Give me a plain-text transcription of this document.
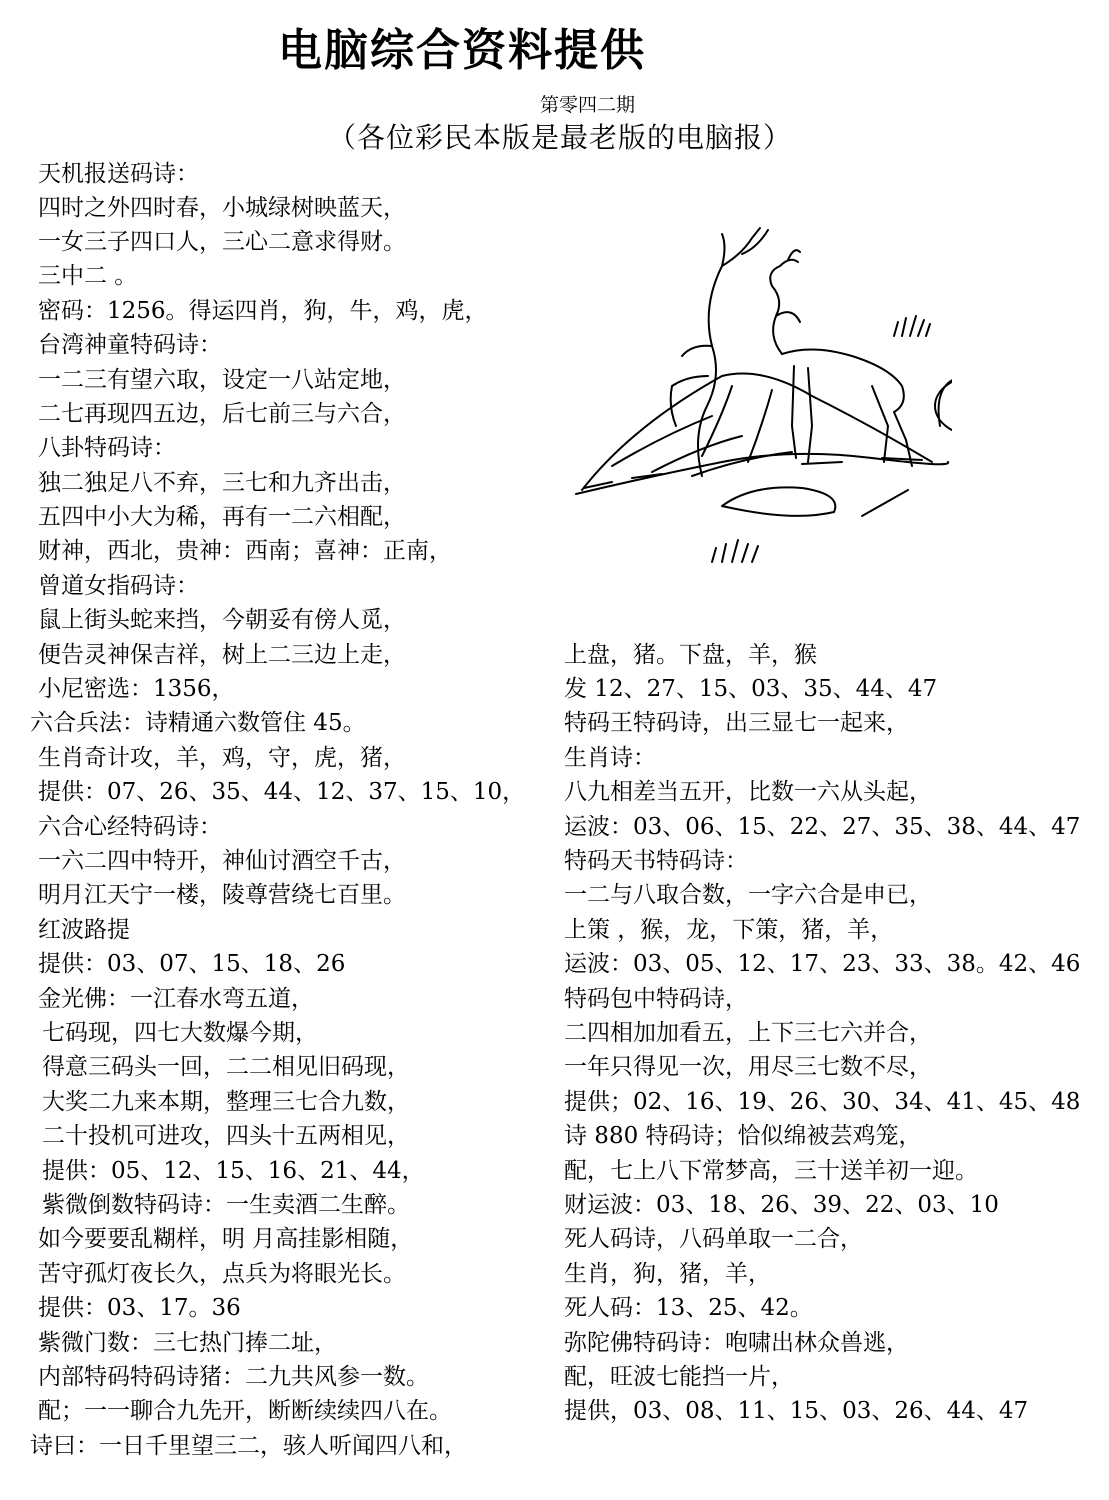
电脑综合资料提供
第零四二期
（各位彩民本版是最老版的电脑报）
天机报送码诗：
四时之外四时春，小城绿树映蓝天，
一女三子四口人，三心二意求得财。
三中二 。
密码：1256。得运四肖，狗，牛，鸡，虎，
台湾神童特码诗：
一二三有望六取，设定一八站定地，
二七再现四五边，后七前三与六合，
八卦特码诗：
独二独足八不弃，三七和九齐出击，
五四中小大为稀，再有一二六相配，
财神，西北，贵神：西南；喜神：正南，
曾道女指码诗：
鼠上街头蛇来挡，今朝妥有傍人觅，
便告灵神保吉祥，树上二三边上走，
小尼密选：1356，
六合兵法：诗精通六数管住 45。
生肖奇计攻，羊，鸡，守，虎，猪，
提供：07、26、35、44、12、37、15、10，
六合心经特码诗：
一六二四中特开，神仙讨酒空千古，
明月江天宁一楼，陵尊营绕七百里。
红波路提
提供：03、07、15、18、26
金光佛：一江春水弯五道，
七码现，四七大数爆今期，
得意三码头一回，二二相见旧码现，
大奖二九来本期，整理三七合九数，
二十投机可进攻，四头十五两相见，
提供：05、12、15、16、21、44，
紫微倒数特码诗：一生卖酒二生醉。
如今要要乱糊样，明 月高挂影相随，
苦守孤灯夜长久，点兵为将眼光长。
提供：03、17。36
紫微门数：三七热门捧二址，
内部特码特码诗猪：二九共风参一数。
配；一一聊合九先开，断断续续四八在。
诗曰：一日千里望三二，骇人听闻四八和，
上盘，猪。下盘，羊，猴
发 12、27、15、03、35、44、47
特码王特码诗，出三显七一起来，
生肖诗：
八九相差当五开，比数一六从头起，
运波：03、06、15、22、27、35、38、44、47
特码天书特码诗：
一二与八取合数，一字六合是申已，
上策 ，猴，龙，下策，猪，羊，
运波：03、05、12、17、23、33、38。42、46
特码包中特码诗，
二四相加加看五，上下三七六并合，
一年只得见一次，用尽三七数不尽，
提供；02、16、19、26、30、34、41、45、48
诗 880 特码诗；恰似绵被芸鸡笼，
配，七上八下常梦高，三十送羊初一迎。
财运波：03、18、26、39、22、03、10
死人码诗，八码单取一二合，
生肖，狗，猪，羊，
死人码：13、25、42。
弥陀佛特码诗：咆啸出林众兽逃，
配，旺波七能挡一片，
提供，03、08、11、15、03、26、44、47
